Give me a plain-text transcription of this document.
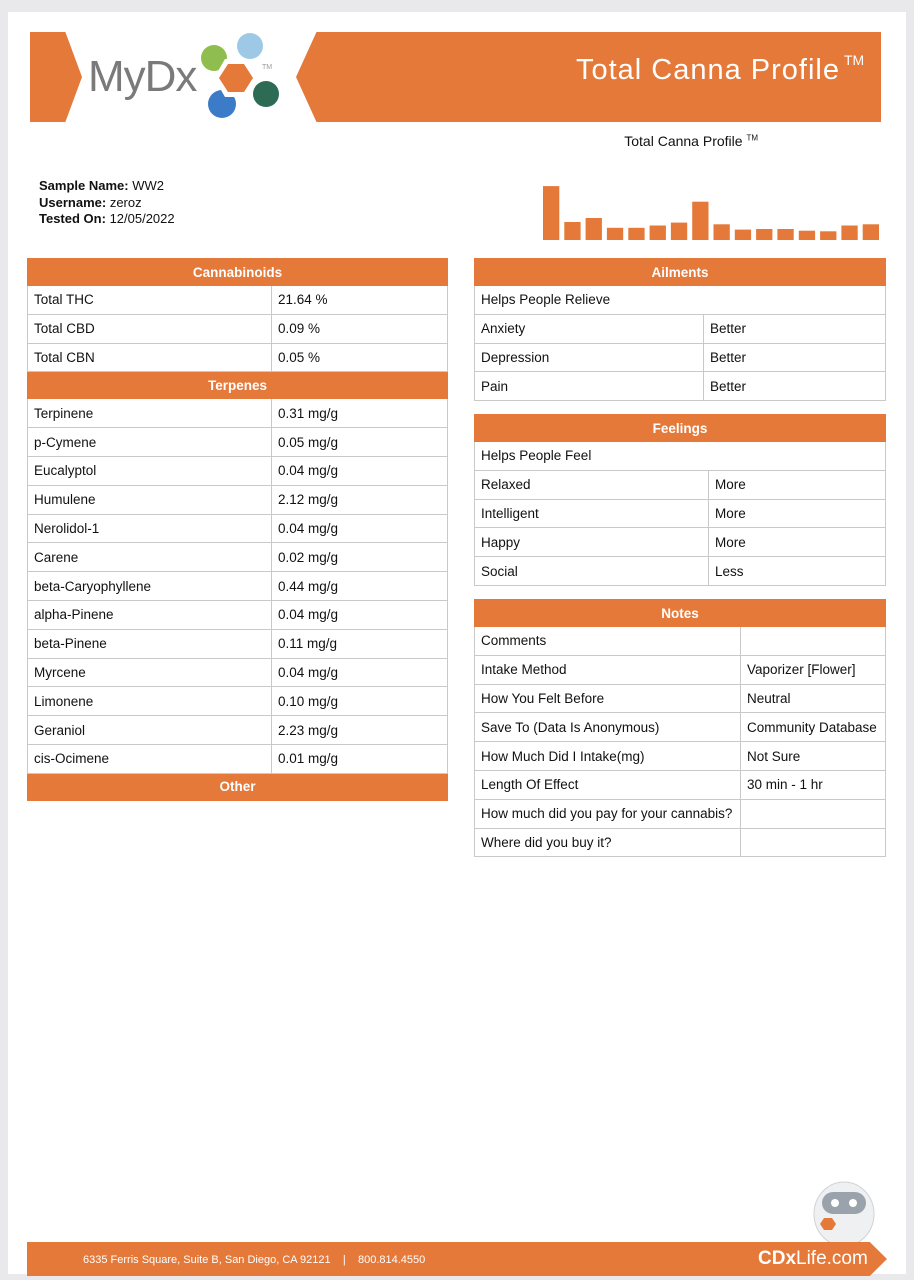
MyDx	TM	Total Canna Profile TM
Total Canna Profile ™
Sample Name: WW2
Username: zeroz
Tested On: 12/05/2022
Cannabinoids	
Total THC	21.64 %
Total CBD	0.09 %
Total CBN	0.05 %
Terpenes	
Terpinene	0.31 mg/g
p-Cymene	0.05 mg/g
Eucalyptol	0.04 mg/g
Humulene	2.12 mg/g
Nerolidol-1	0.04 mg/g
Carene	0.02 mg/g
beta-Caryophyllene	0.44 mg/g
alpha-Pinene	0.04 mg/g
beta-Pinene	0.11 mg/g
Myrcene	0.04 mg/g
Limonene	0.10 mg/g
Geraniol	2.23 mg/g
cis-Ocimene	0.01 mg/g
Other	
Ailments	
Helps People Relieve	
Anxiety	Better
Depression	Better
Pain	Better
Feelings	
Helps People Feel	
Relaxed	More
Intelligent	More
Happy	More
Social	Less
Notes	
Comments	
Intake Method	Vaporizer [Flower]
How You Felt Before	Neutral
Save To (Data Is Anonymous)	Community Database
How Much Did I Intake(mg)	Not Sure
Length Of Effect	30 min - 1 hr
How much did you pay for your cannabis?	
Where did you buy it?	
6335 Ferris Square, Suite B, San Diego, CA 92121 | 800.814.4550	CDxLife.com
